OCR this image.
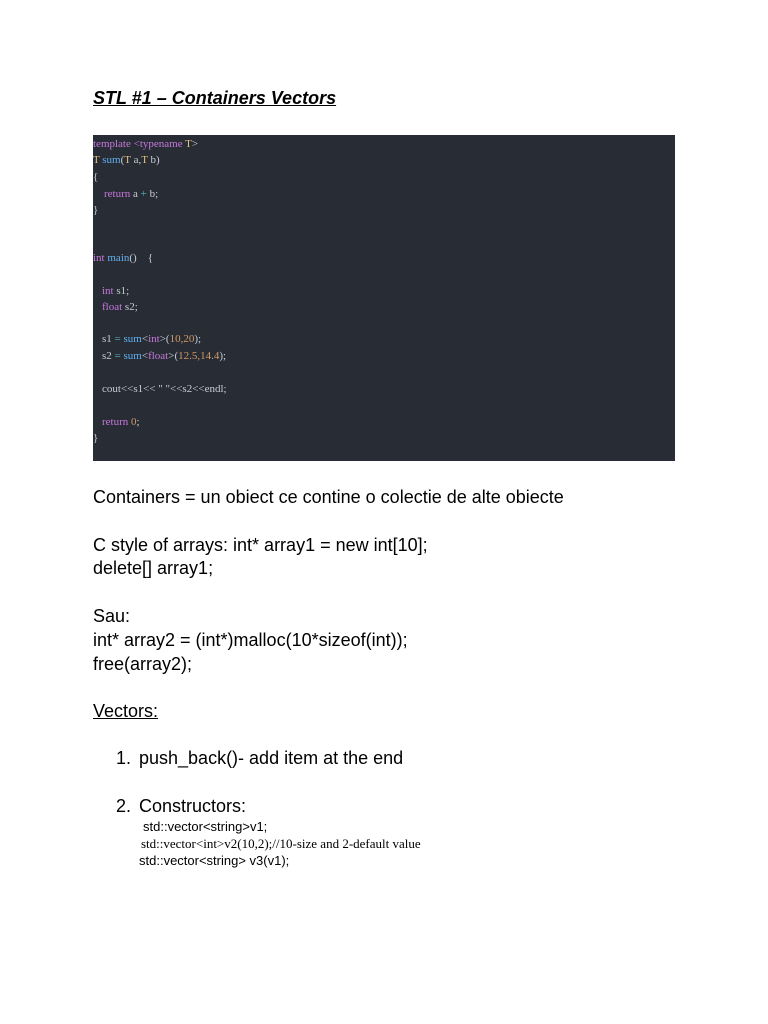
STL #1 – Containers Vectors
template <typename T>
T sum(T a,T b)
{
return a + b;
}
int main()    {
int s1;
float s2;
s1 = sum<int>(10,20);
s2 = sum<float>(12.5,14.4);
cout<<s1<< " "<<s2<<endl;
return 0;
}

Containers = un obiect ce contine o colectie de alte obiecte

C style of arrays: int* array1 = new int[10];

delete[] array1;

Sau:

int* array2 = (int*)malloc(10*sizeof(int));

free(array2);

Vectors:

1. push_back()- add item at the end
2. Constructors:
std::vector<string>v1;
std::vector<int>v2(10,2);//10-size and 2-default value
std::vector<string> v3(v1);
